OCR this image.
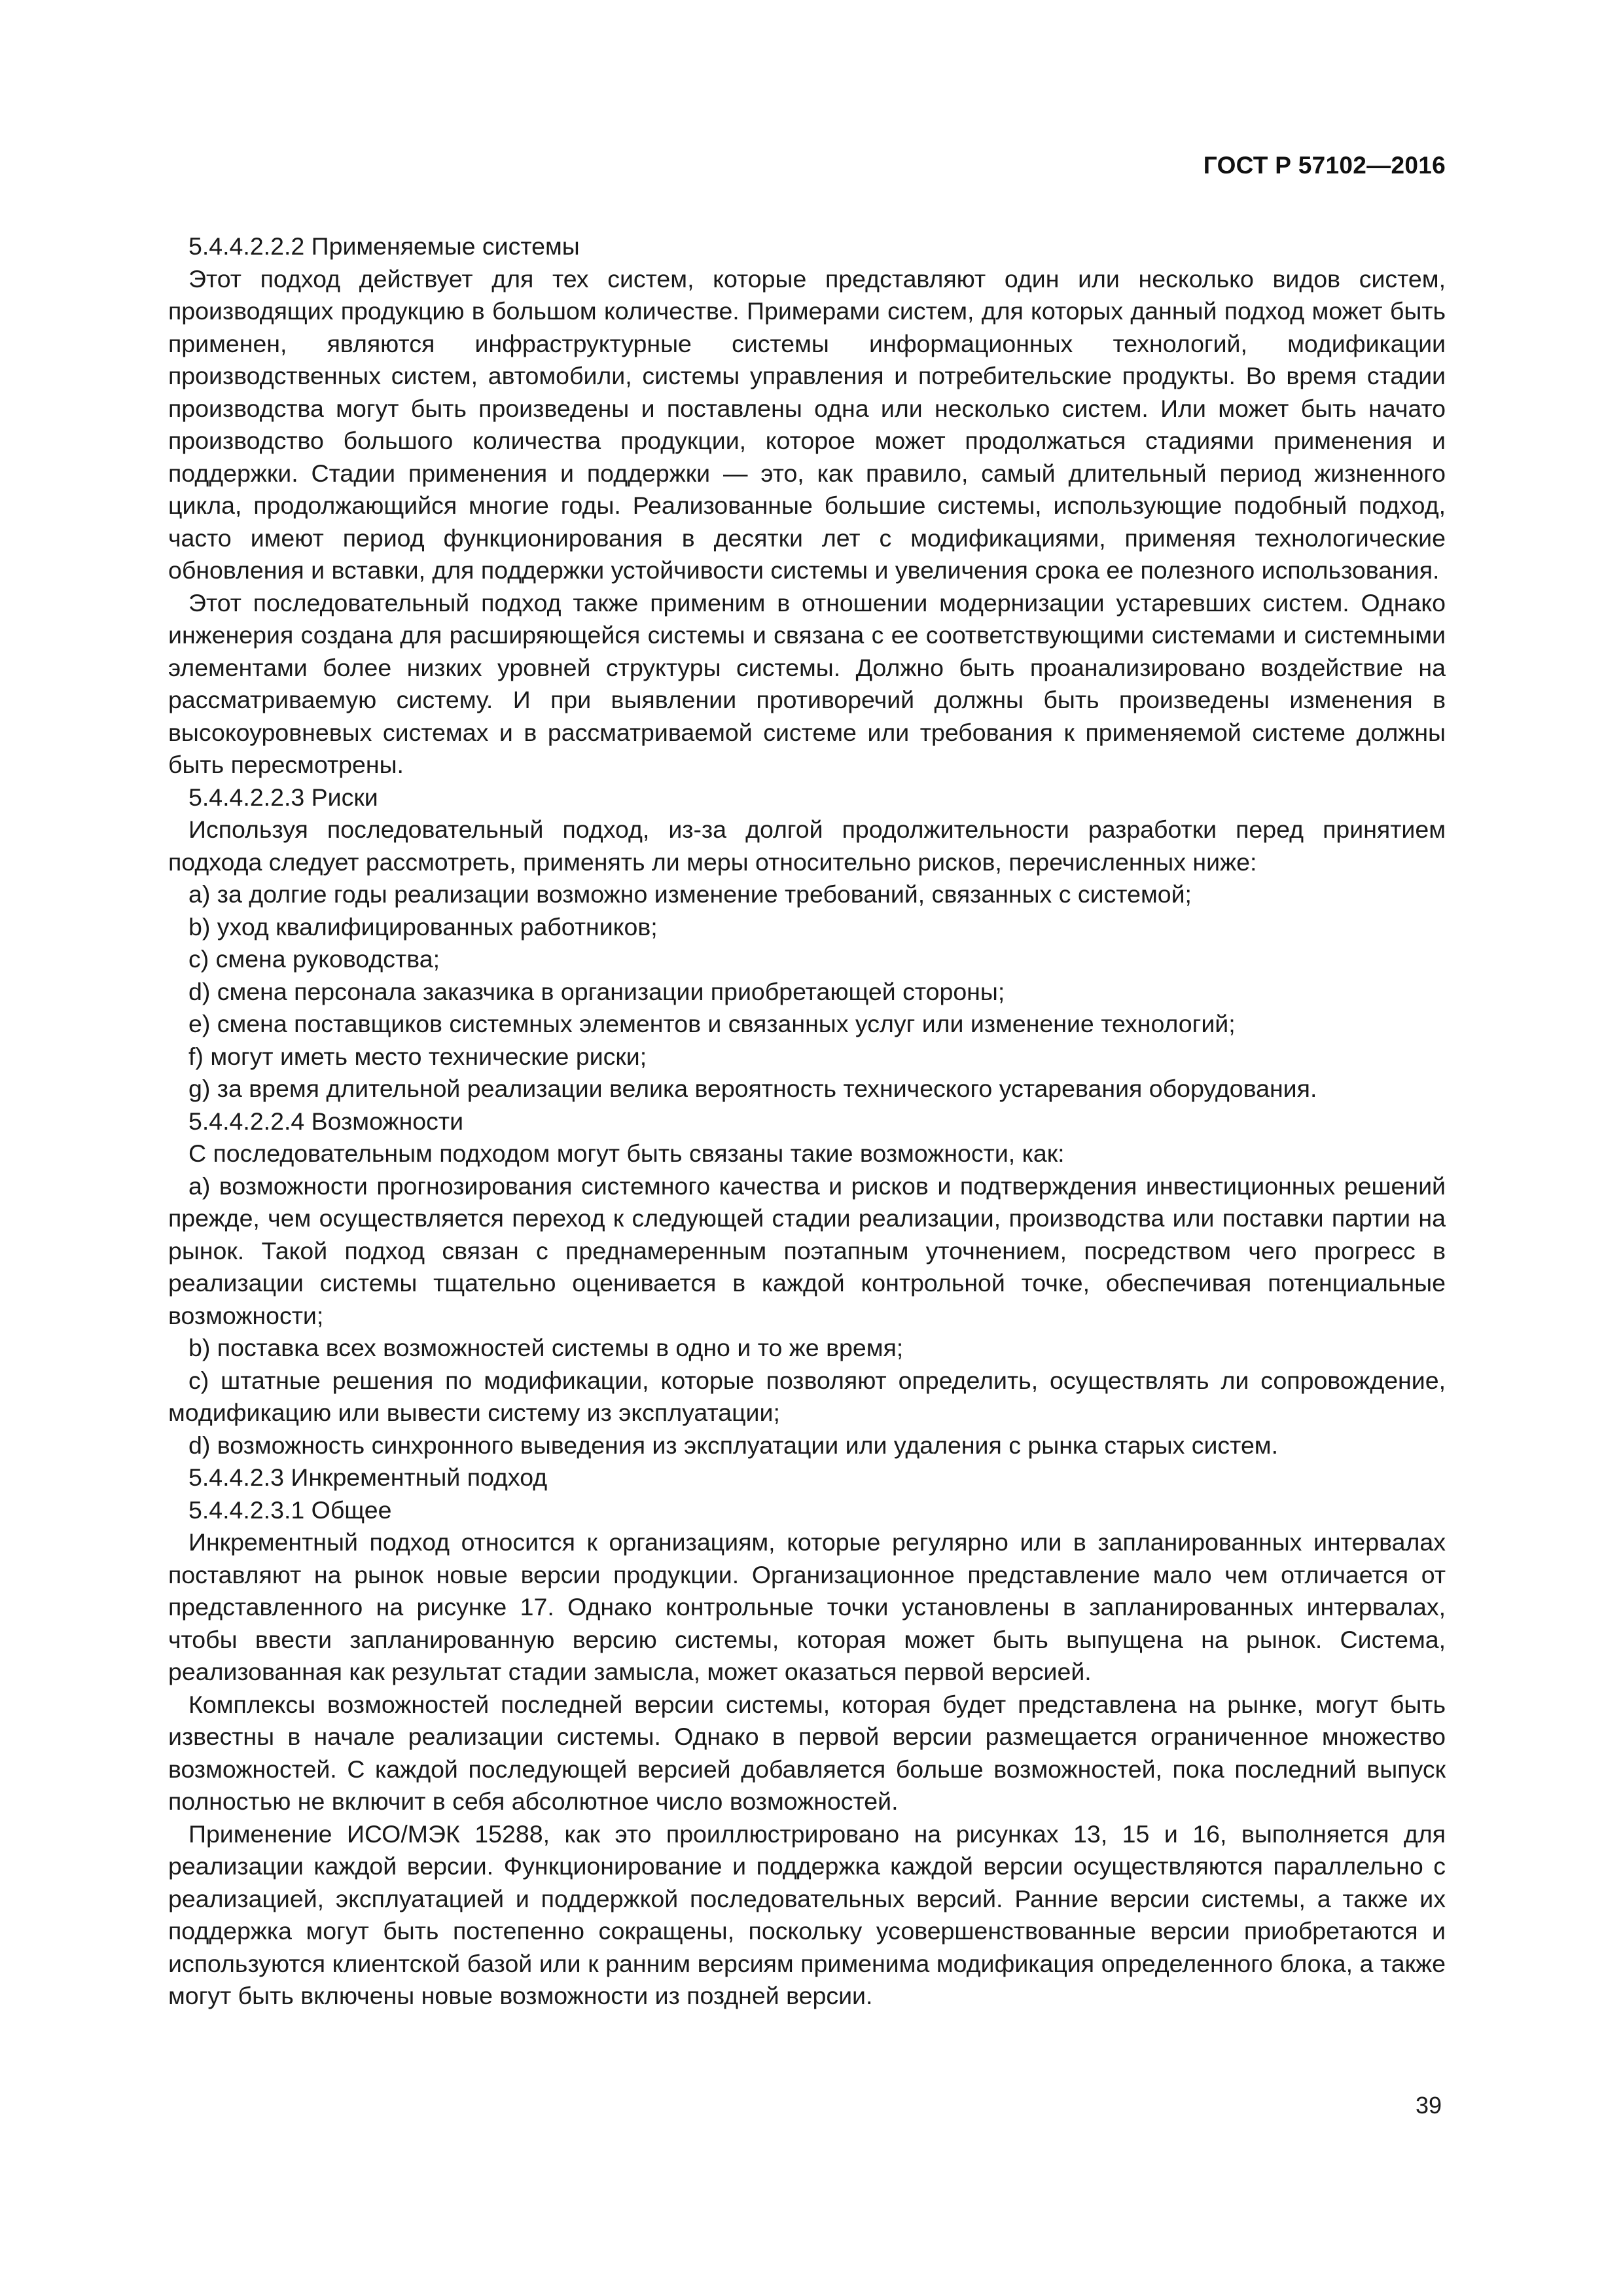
ГОСТ Р 57102—2016

5.4.4.2.2.2 Применяемые системы

Этот подход действует для тех систем, которые представляют один или несколько видов систем, производящих продукцию в большом количестве. Примерами систем, для которых данный подход может быть применен, являются инфраструктурные системы информационных технологий, модификации производственных систем, автомобили, системы управления и потребительские продукты. Во время стадии производства могут быть произведены и поставлены одна или несколько систем. Или может быть начато производство большого количества продукции, которое может продолжаться стадиями применения и поддержки. Стадии применения и поддержки — это, как правило, самый длительный период жизненного цикла, продолжающийся многие годы. Реализованные большие системы, использующие подобный подход, часто имеют период функционирования в десятки лет с модификациями, применяя технологические обновления и вставки, для поддержки устойчивости системы и увеличения срока ее полезного использования.

Этот последовательный подход также применим в отношении модернизации устаревших систем. Однако инженерия создана для расширяющейся системы и связана с ее соответствующими системами и системными элементами более низких уровней структуры системы. Должно быть проанализировано воздействие на рассматриваемую систему. И при выявлении противоречий должны быть произведены изменения в высокоуровневых системах и в рассматриваемой системе или требования к применяемой системе должны быть пересмотрены.

5.4.4.2.2.3 Риски

Используя последовательный подход, из-за долгой продолжительности разработки перед принятием подхода следует рассмотреть, применять ли меры относительно рисков, перечисленных ниже:

a) за долгие годы реализации возможно изменение требований, связанных с системой;

b) уход квалифицированных работников;

c) смена руководства;

d) смена персонала заказчика в организации приобретающей стороны;

e) смена поставщиков системных элементов и связанных услуг или изменение технологий;

f) могут иметь место технические риски;

g) за время длительной реализации велика вероятность технического устаревания оборудования.

5.4.4.2.2.4 Возможности

С последовательным подходом могут быть связаны такие возможности, как:

a) возможности прогнозирования системного качества и рисков и подтверждения инвестиционных решений прежде, чем осуществляется переход к следующей стадии реализации, производства или поставки партии на рынок. Такой подход связан с преднамеренным поэтапным уточнением, посредством чего прогресс в реализации системы тщательно оценивается в каждой контрольной точке, обеспечивая потенциальные возможности;

b) поставка всех возможностей системы в одно и то же время;

c) штатные решения по модификации, которые позволяют определить, осуществлять ли сопровождение, модификацию или вывести систему из эксплуатации;

d) возможность синхронного выведения из эксплуатации или удаления с рынка старых систем.

5.4.4.2.3 Инкрементный подход

5.4.4.2.3.1 Общее

Инкрементный подход относится к организациям, которые регулярно или в запланированных интервалах поставляют на рынок новые версии продукции. Организационное представление мало чем отличается от представленного на рисунке 17. Однако контрольные точки установлены в запланированных интервалах, чтобы ввести запланированную версию системы, которая может быть выпущена на рынок. Система, реализованная как результат стадии замысла, может оказаться первой версией.

Комплексы возможностей последней версии системы, которая будет представлена на рынке, могут быть известны в начале реализации системы. Однако в первой версии размещается ограниченное множество возможностей. С каждой последующей версией добавляется больше возможностей, пока последний выпуск полностью не включит в себя абсолютное число возможностей.

Применение ИСО/МЭК 15288, как это проиллюстрировано на рисунках 13, 15 и 16, выполняется для реализации каждой версии. Функционирование и поддержка каждой версии осуществляются параллельно с реализацией, эксплуатацией и поддержкой последовательных версий. Ранние версии системы, а также их поддержка могут быть постепенно сокращены, поскольку усовершенствованные версии приобретаются и используются клиентской базой или к ранним версиям применима модификация определенного блока, а также могут быть включены новые возможности из поздней версии.

39
